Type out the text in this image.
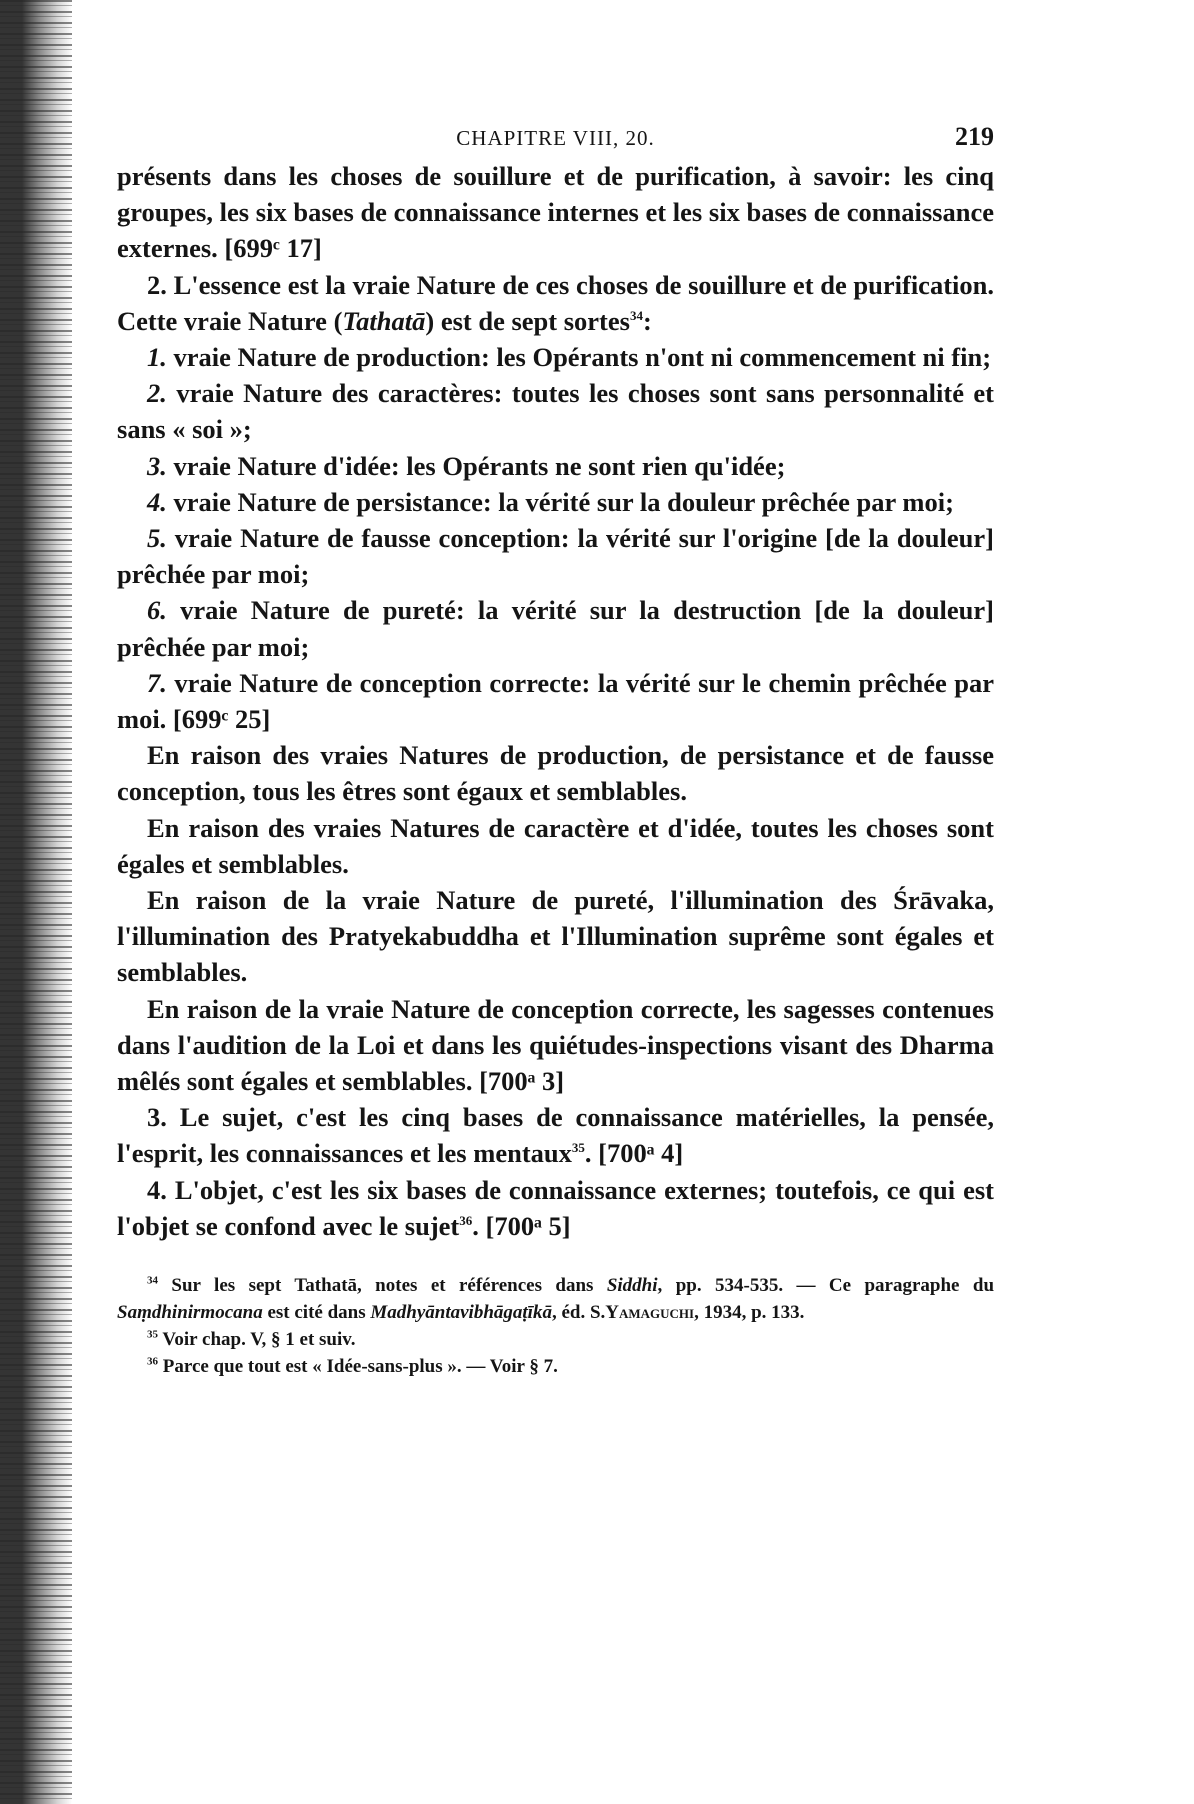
CHAPITRE VIII, 20.	219

présents dans les choses de souillure et de purification, à savoir: les cinq groupes, les six bases de connaissance internes et les six bases de connaissance externes. [699ᶜ 17]

2. L'essence est la vraie Nature de ces choses de souillure et de purification. Cette vraie Nature (Tathatā) est de sept sortes$^{34}$:

1. vraie Nature de production: les Opérants n'ont ni commencement ni fin;

2. vraie Nature des caractères: toutes les choses sont sans personnalité et sans « soi »;

3. vraie Nature d'idée: les Opérants ne sont rien qu'idée;

4. vraie Nature de persistance: la vérité sur la douleur prêchée par moi;

5. vraie Nature de fausse conception: la vérité sur l'origine [de la douleur] prêchée par moi;

6. vraie Nature de pureté: la vérité sur la destruction [de la douleur] prêchée par moi;

7. vraie Nature de conception correcte: la vérité sur le chemin prêchée par moi. [699ᶜ 25]

En raison des vraies Natures de production, de persistance et de fausse conception, tous les êtres sont égaux et semblables.

En raison des vraies Natures de caractère et d'idée, toutes les choses sont égales et semblables.

En raison de la vraie Nature de pureté, l'illumination des Śrāvaka, l'illumination des Pratyekabuddha et l'Illumination suprême sont égales et semblables.

En raison de la vraie Nature de conception correcte, les sagesses contenues dans l'audition de la Loi et dans les quiétudes-inspections visant des Dharma mêlés sont égales et semblables. [700ᵃ 3]

3. Le sujet, c'est les cinq bases de connaissance matérielles, la pensée, l'esprit, les connaissances et les mentaux$^{35}$. [700ᵃ 4]

4. L'objet, c'est les six bases de connaissance externes; toutefois, ce qui est l'objet se confond avec le sujet$^{36}$. [700ᵃ 5]

$^{34}$ Sur les sept Tathatā, notes et références dans Siddhi, pp. 534-535. — Ce paragraphe du Saṃdhinirmocana est cité dans Madhyāntavibhāgaṭīkā, éd. S.Yamaguchi, 1934, p. 133.

$^{35}$ Voir chap. V, § 1 et suiv.

$^{36}$ Parce que tout est « Idée-sans-plus ». — Voir § 7.
